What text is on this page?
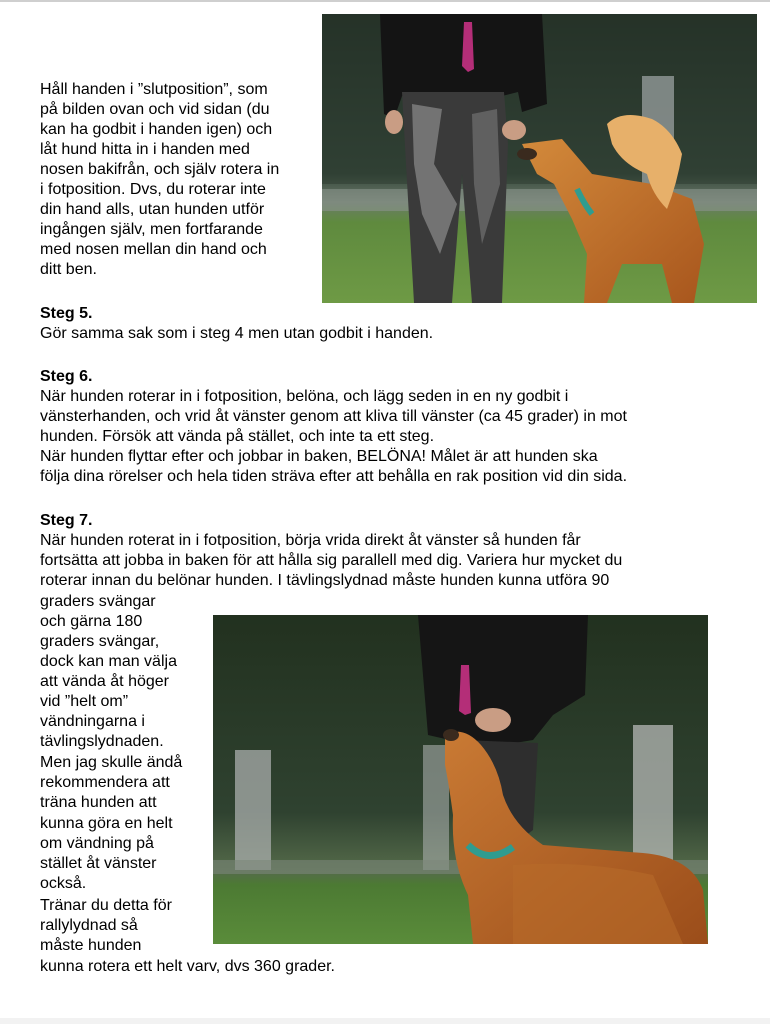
Håll handen i ”slutposition”, som
på bilden ovan och vid sidan (du
kan ha godbit i handen igen) och
låt hund hitta in i handen med
nosen bakifrån, och själv rotera in
i fotposition. Dvs, du roterar inte
din hand alls, utan hunden utför
ingången själv, men fortfarande
med nosen mellan din hand och
ditt ben.
Steg 5.
Gör samma sak som i steg 4 men utan godbit i handen.
Steg 6.
När hunden roterar in i fotposition, belöna, och lägg seden in en ny godbit i
vänsterhanden, och vrid åt vänster genom att kliva till vänster (ca 45 grader) in mot
hunden. Försök att vända på stället, och inte ta ett steg.
När hunden flyttar efter och jobbar in baken, BELÖNA! Målet är att hunden ska
följa dina rörelser och hela tiden sträva efter att behålla en rak position vid din sida.
Steg 7.
När hunden roterat in i fotposition, börja vrida direkt åt vänster så hunden får
fortsätta att jobba in baken för att hålla sig parallell med dig. Variera hur mycket du
roterar innan du belönar hunden. I tävlingslydnad måste hunden kunna utföra 90
graders svängar
och gärna 180
graders svängar,
dock kan man välja
att vända åt höger
vid ”helt om”
vändningarna i
tävlingslydnaden.
Men jag skulle ändå
rekommendera att
träna hunden att
kunna göra en helt
om vändning på
stället åt vänster
också.
Tränar du detta för
rallylydnad så
måste hunden
kunna rotera ett helt varv, dvs 360 grader.
